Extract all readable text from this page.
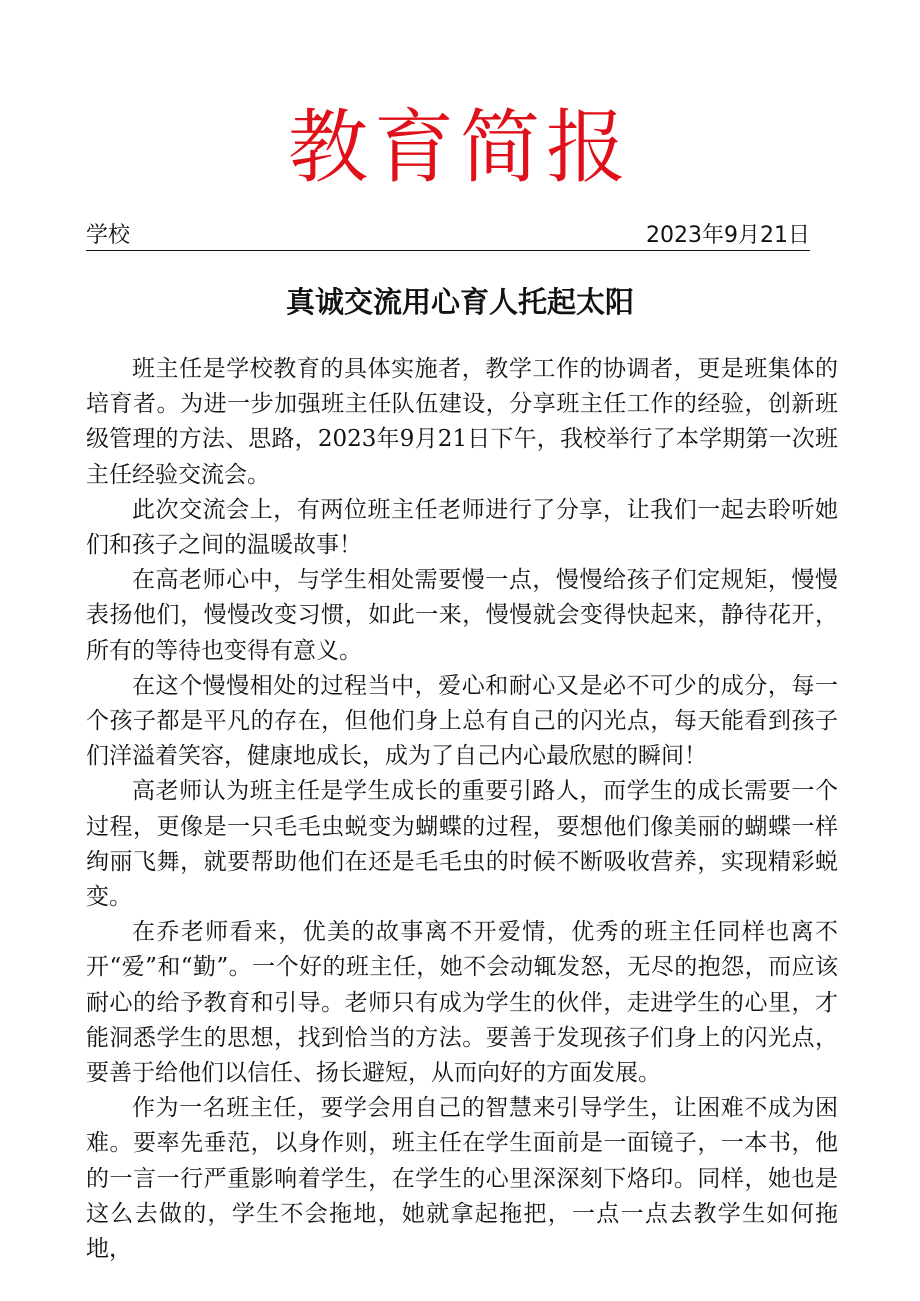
教育简报
学校	2023年9月21日
真诚交流用心育人托起太阳

班主任是学校教育的具体实施者，教学工作的协调者，更是班集体的培育者。为进一步加强班主任队伍建设，分享班主任工作的经验，创新班级管理的方法、思路，2023年9月21日下午，我校举行了本学期第一次班主任经验交流会。

此次交流会上，有两位班主任老师进行了分享，让我们一起去聆听她们和孩子之间的温暖故事！

在高老师心中，与学生相处需要慢一点，慢慢给孩子们定规矩，慢慢表扬他们，慢慢改变习惯，如此一来，慢慢就会变得快起来，静待花开，所有的等待也变得有意义。

在这个慢慢相处的过程当中，爱心和耐心又是必不可少的成分，每一个孩子都是平凡的存在，但他们身上总有自己的闪光点，每天能看到孩子们洋溢着笑容，健康地成长，成为了自己内心最欣慰的瞬间！

高老师认为班主任是学生成长的重要引路人，而学生的成长需要一个过程，更像是一只毛毛虫蜕变为蝴蝶的过程，要想他们像美丽的蝴蝶一样绚丽飞舞，就要帮助他们在还是毛毛虫的时候不断吸收营养，实现精彩蜕变。

在乔老师看来，优美的故事离不开爱情，优秀的班主任同样也离不开“爱”和“勤”。一个好的班主任，她不会动辄发怒，无尽的抱怨，而应该耐心的给予教育和引导。老师只有成为学生的伙伴，走进学生的心里，才能洞悉学生的思想，找到恰当的方法。要善于发现孩子们身上的闪光点，要善于给他们以信任、扬长避短，从而向好的方面发展。

作为一名班主任，要学会用自己的智慧来引导学生，让困难不成为困难。要率先垂范，以身作则，班主任在学生面前是一面镜子，一本书，他的一言一行严重影响着学生，在学生的心里深深刻下烙印。同样，她也是这么去做的，学生不会拖地，她就拿起拖把，一点一点去教学生如何拖地，
